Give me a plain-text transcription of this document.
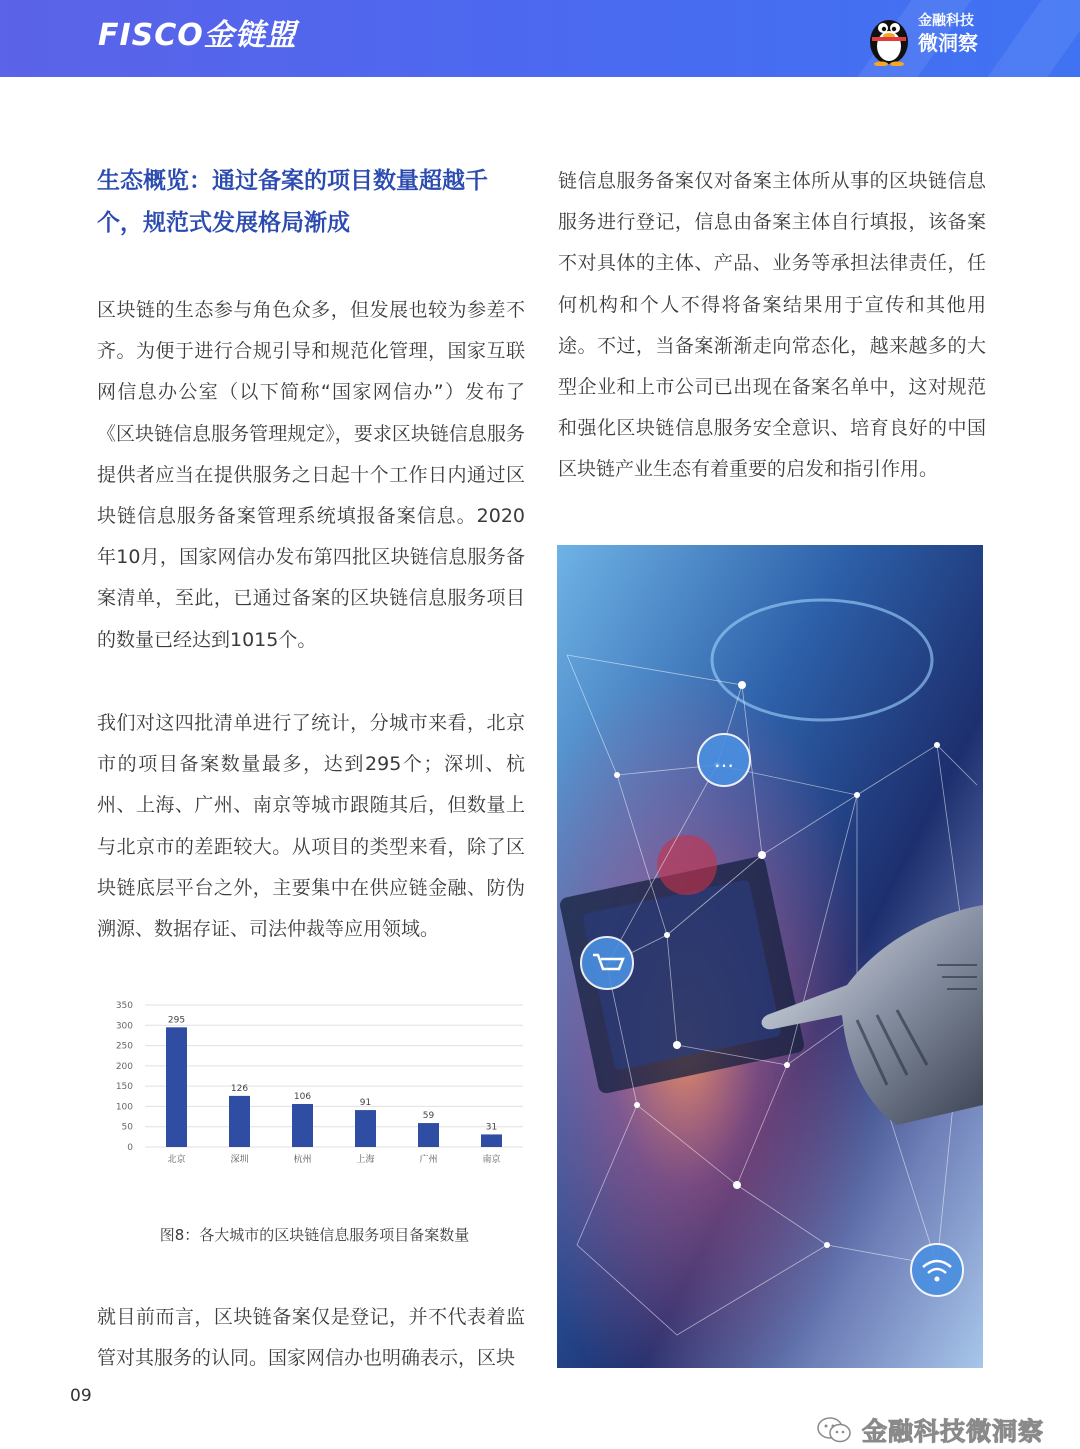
FISCO金链盟	金融科技
微洞察

生态概览：通过备案的项目数量超越千个，规范式发展格局渐成

区块链的生态参与角色众多，但发展也较为参差不齐。为便于进行合规引导和规范化管理，国家互联网信息办公室（以下简称“国家网信办”）发布了《区块链信息服务管理规定》，要求区块链信息服务提供者应当在提供服务之日起十个工作日内通过区块链信息服务备案管理系统填报备案信息。2020年10月，国家网信办发布第四批区块链信息服务备案清单，至此，已通过备案的区块链信息服务项目的数量已经达到1015个。

我们对这四批清单进行了统计，分城市来看，北京市的项目备案数量最多，达到295个；深圳、杭州、上海、广州、南京等城市跟随其后，但数量上与北京市的差距较大。从项目的类型来看，除了区块链底层平台之外，主要集中在供应链金融、防伪溯源、数据存证、司法仲裁等应用领域。

0
50
100
150
200
250
300
350
295
北京
126
深圳
106
杭州
91
上海
59
广州
31
南京
图8：各大城市的区块链信息服务项目备案数量

就目前而言，区块链备案仅是登记，并不代表着监管对其服务的认同。国家网信办也明确表示，区块

链信息服务备案仅对备案主体所从事的区块链信息服务进行登记，信息由备案主体自行填报，该备案不对具体的主体、产品、业务等承担法律责任，任何机构和个人不得将备案结果用于宣传和其他用途。不过，当备案渐渐走向常态化，越来越多的大型企业和上市公司已出现在备案名单中，这对规范和强化区块链信息服务安全意识、培育良好的中国区块链产业生态有着重要的启发和指引作用。

…
09
金融科技微洞察
